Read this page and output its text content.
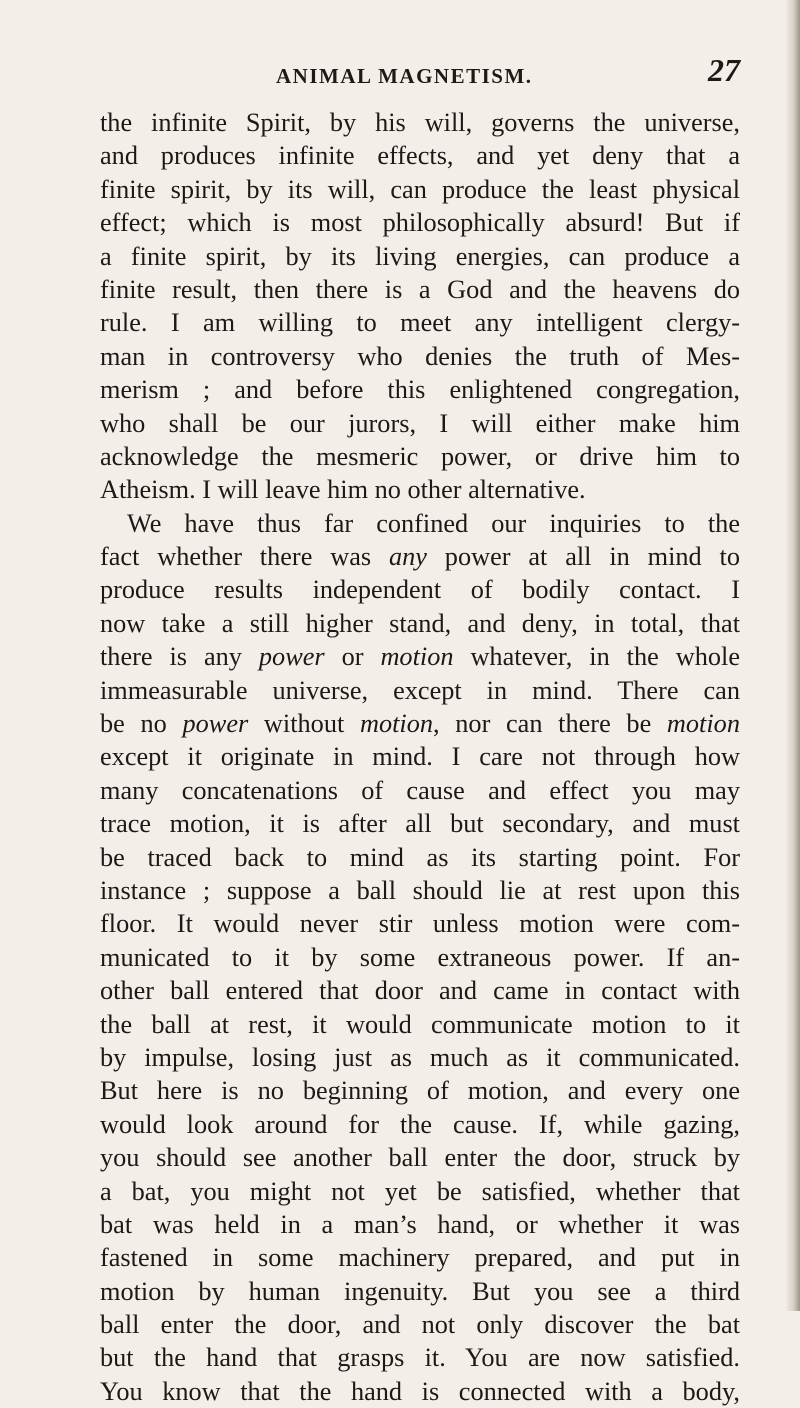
ANIMAL MAGNETISM.	27
the infinite Spirit, by his will, governs the universe,
and produces infinite effects, and yet deny that a
finite spirit, by its will, can produce the least physical
effect; which is most philosophically absurd! But if
a finite spirit, by its living energies, can produce a
finite result, then there is a God and the heavens do
rule. I am willing to meet any intelligent clergy-
man in controversy who denies the truth of Mes-
merism ; and before this enlightened congregation,
who shall be our jurors, I will either make him
acknowledge the mesmeric power, or drive him to
Atheism. I will leave him no other alternative.
We have thus far confined our inquiries to the
fact whether there was any power at all in mind to
produce results independent of bodily contact. I
now take a still higher stand, and deny, in total, that
there is any power or motion whatever, in the whole
immeasurable universe, except in mind. There can
be no power without motion, nor can there be motion
except it originate in mind. I care not through how
many concatenations of cause and effect you may
trace motion, it is after all but secondary, and must
be traced back to mind as its starting point. For
instance ; suppose a ball should lie at rest upon this
floor. It would never stir unless motion were com-
municated to it by some extraneous power. If an-
other ball entered that door and came in contact with
the ball at rest, it would communicate motion to it
by impulse, losing just as much as it communicated.
But here is no beginning of motion, and every one
would look around for the cause. If, while gazing,
you should see another ball enter the door, struck by
a bat, you might not yet be satisfied, whether that
bat was held in a man’s hand, or whether it was
fastened in some machinery prepared, and put in
motion by human ingenuity. But you see a third
ball enter the door, and not only discover the bat
but the hand that grasps it. You are now satisfied.
You know that the hand is connected with a body,
